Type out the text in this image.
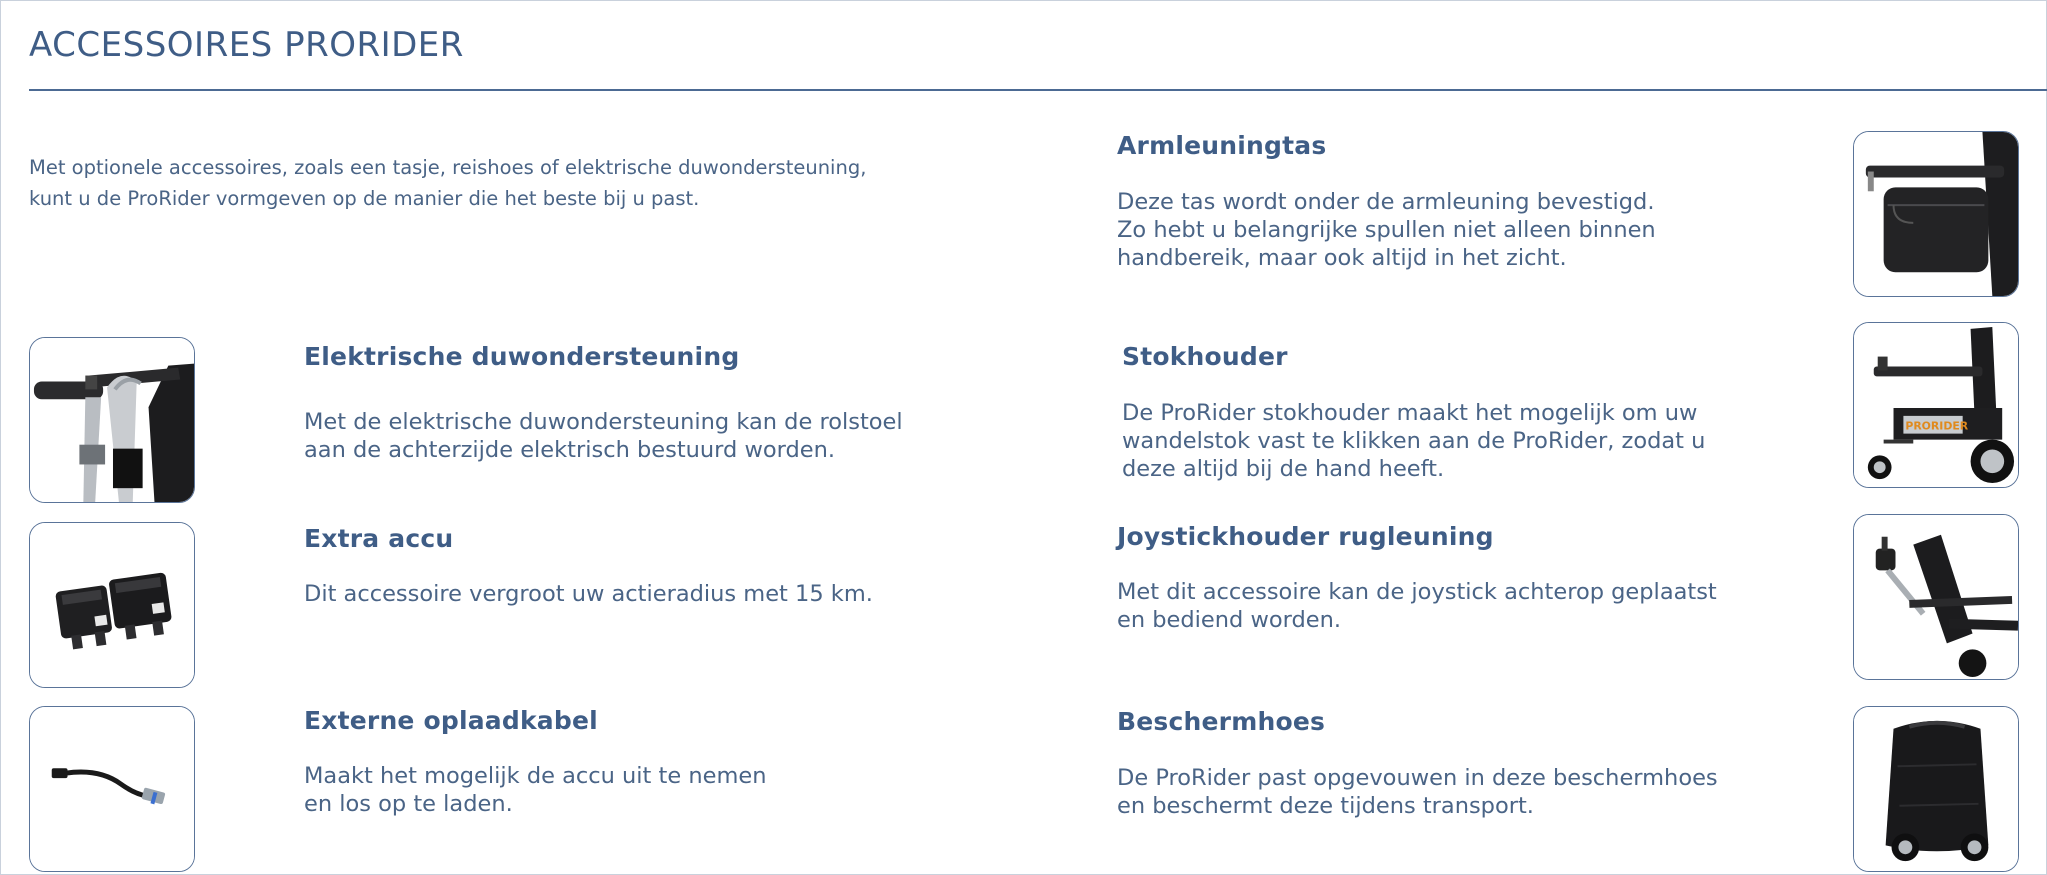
ACCESSOIRES PRORIDER

Met optionele accessoires, zoals een tasje, reishoes of elektrische duwondersteuning,

kunt u de ProRider vormgeven op de manier die het beste bij u past.

Elektrische duwondersteuning

Met de elektrische duwondersteuning kan de rolstoel

aan de achterzijde elektrisch bestuurd worden.

Extra accu

Dit accessoire vergroot uw actieradius met 15 km.

Externe oplaadkabel

Maakt het mogelijk de accu uit te nemen

en los op te laden.

Armleuningtas

Deze tas wordt onder de armleuning bevestigd.

Zo hebt u belangrijke spullen niet alleen binnen

handbereik, maar ook altijd in het zicht.

Stokhouder

De ProRider stokhouder maakt het mogelijk om uw

wandelstok vast te klikken aan de ProRider, zodat u

deze altijd bij de hand heeft.

PRORIDER
Joystickhouder rugleuning

Met dit accessoire kan de joystick achterop geplaatst

en bediend worden.

Beschermhoes

De ProRider past opgevouwen in deze beschermhoes

en beschermt deze tijdens transport.
